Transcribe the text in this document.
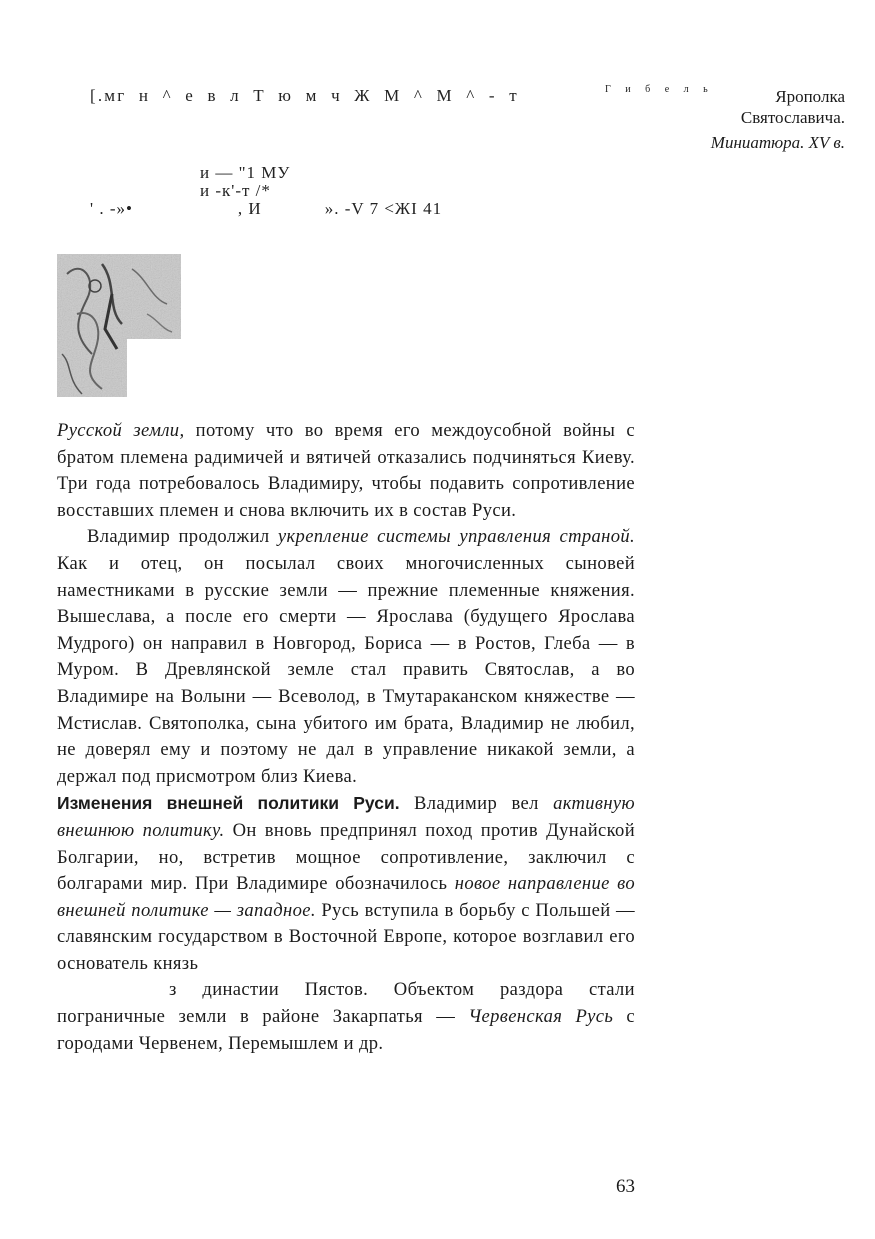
[.мг н ^ е в л Т ю м ч Ж М ^ М ^ - т	Г и б е л ь
и — "1 МУ
и -к'-т /*
' . -»•                    , И            ». -V 7 <ЖI 41
Ярополка
Святославича.
Миниатюра. XV в.

Русской земли, потому что во время его междоусобной войны с братом племена радимичей и вятичей отказались подчиняться Киеву. Три года потребовалось Владимиру, чтобы подавить сопротивление восставших племен и снова включить их в состав Руси.

Владимир продолжил укрепление системы управления страной. Как и отец, он посылал своих многочисленных сыновей наместниками в русские земли — прежние племенные княжения. Вышеслава, а после его смерти — Ярослава (будущего Ярослава Мудрого) он направил в Новгород, Бориса — в Ростов, Глеба — в Муром. В Древлянской земле стал править Святослав, а во Владимире на Волыни — Всеволод, в Тмутараканском княжестве — Мстислав. Святополка, сына убитого им брата, Владимир не любил, не доверял ему и поэтому не дал в управление никакой земли, а держал под присмотром близ Киева.

Изменения внешней политики Руси. Владимир вел активную внешнюю политику. Он вновь предпринял поход против Дунайской Болгарии, но, встретив мощное сопротивление, заключил с болгарами мир. При Владимире обозначилось новое направление во внешней политике — западное. Русь вступила в борьбу с Польшей — славянским государством в Восточной Европе, которое возглавил его основатель князь
з династии Пястов. Объектом раздора стали пограничные земли в районе Закарпатья — Червенская Русь с городами Червенем, Перемышлем и др.

63
